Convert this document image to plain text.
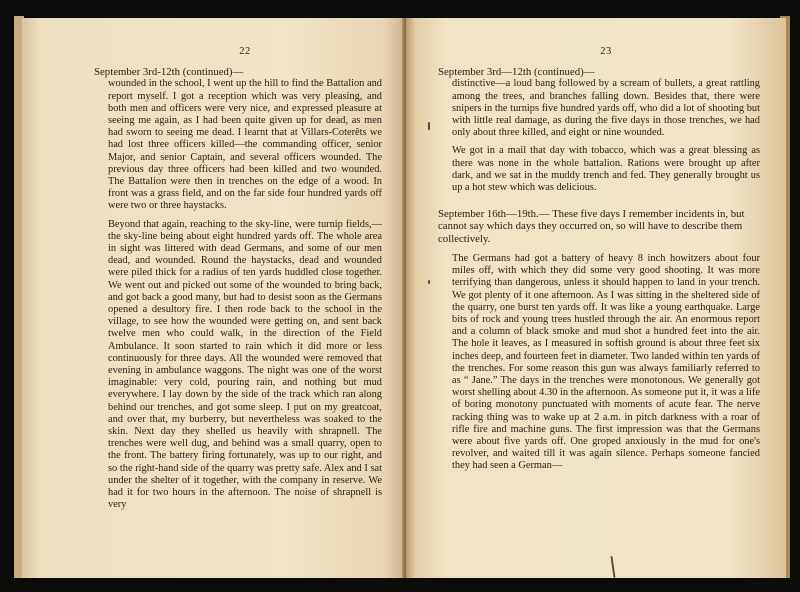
22
September 3rd-12th (continued)—

wounded in the school, I went up the hill to find the Battalion and report myself. I got a reception which was very pleasing, and both men and officers were very nice, and expressed pleasure at seeing me again, as I had been quite given up for dead, as men had sworn to seeing me dead. I learnt that at Villars-Coterêts we had lost three officers killed—the commanding officer, senior Major, and senior Captain, and several officers wounded. The previous day three officers had been killed and two wounded. The Battalion were then in trenches on the edge of a wood. In front was a grass field, and on the far side four hundred yards off were two or three haystacks.

Beyond that again, reaching to the sky-line, were turnip fields,—the sky-line being about eight hundred yards off. The whole area in sight was littered with dead Germans, and some of our men dead, and wounded. Round the haystacks, dead and wounded were piled thick for a radius of ten yards huddled close together. We went out and picked out some of the wounded to bring back, and got back a good many, but had to desist soon as the Germans opened a desultory fire. I then rode back to the school in the village, to see how the wounded were getting on, and sent back twelve men who could walk, in the direction of the Field Ambulance. It soon started to rain which it did more or less continuously for three days. All the wounded were removed that evening in ambulance waggons. The night was one of the worst imaginable: very cold, pouring rain, and nothing but mud everywhere. I lay down by the side of the track which ran along behind our trenches, and got some sleep. I put on my greatcoat, and over that, my burberry, but nevertheless was soaked to the skin. Next day they shelled us heavily with shrapnell. The trenches were well dug, and behind was a small quarry, open to the front. The battery firing fortunately, was up to our right, and so the right-hand side of the quarry was pretty safe. Alex and I sat under the shelter of it together, with the company in reserve. We had it for two hours in the afternoon. The noise of shrapnell is very

23
September 3rd—12th (continued)—

distinctive—a loud bang followed by a scream of bullets, a great rattling among the trees, and branches falling down. Besides that, there were snipers in the turnips five hundred yards off, who did a lot of shooting but with little real damage, as during the five days in those trenches, we had only about three killed, and eight or nine wounded.

We got in a mail that day with tobacco, which was a great blessing as there was none in the whole battalion. Rations were brought up after dark, and we sat in the muddy trench and fed. They generally brought us up a hot stew which was delicious.

September 16th—19th.— These five days I remember incidents in, but cannot say which days they occurred on, so will have to describe them collectively.

The Germans had got a battery of heavy 8 inch howitzers about four miles off, with which they did some very good shooting. It was more terrifying than dangerous, unless it should happen to land in your trench. We got plenty of it one afternoon. As I was sitting in the sheltered side of the quarry, one burst ten yards off. It was like a young earthquake. Large bits of rock and young trees hustled through the air. An enormous report and a column of black smoke and mud shot a hundred feet into the air. The hole it leaves, as I measured in softish ground is about three feet six inches deep, and fourteen feet in diameter. Two landed within ten yards of the trenches. For some reason this gun was always familiarly referred to as “ Jane.” The days in the trenches were monotonous. We generally got worst shelling about 4.30 in the afternoon. As someone put it, it was a life of boring monotony punctuated with moments of acute fear. The nerve racking thing was to wake up at 2 a.m. in pitch darkness with a roar of rifle fire and machine guns. The first impression was that the Germans were about five yards off. One groped anxiously in the mud for one's revolver, and waited till it was again silence. Perhaps someone fancied they had seen a German—
